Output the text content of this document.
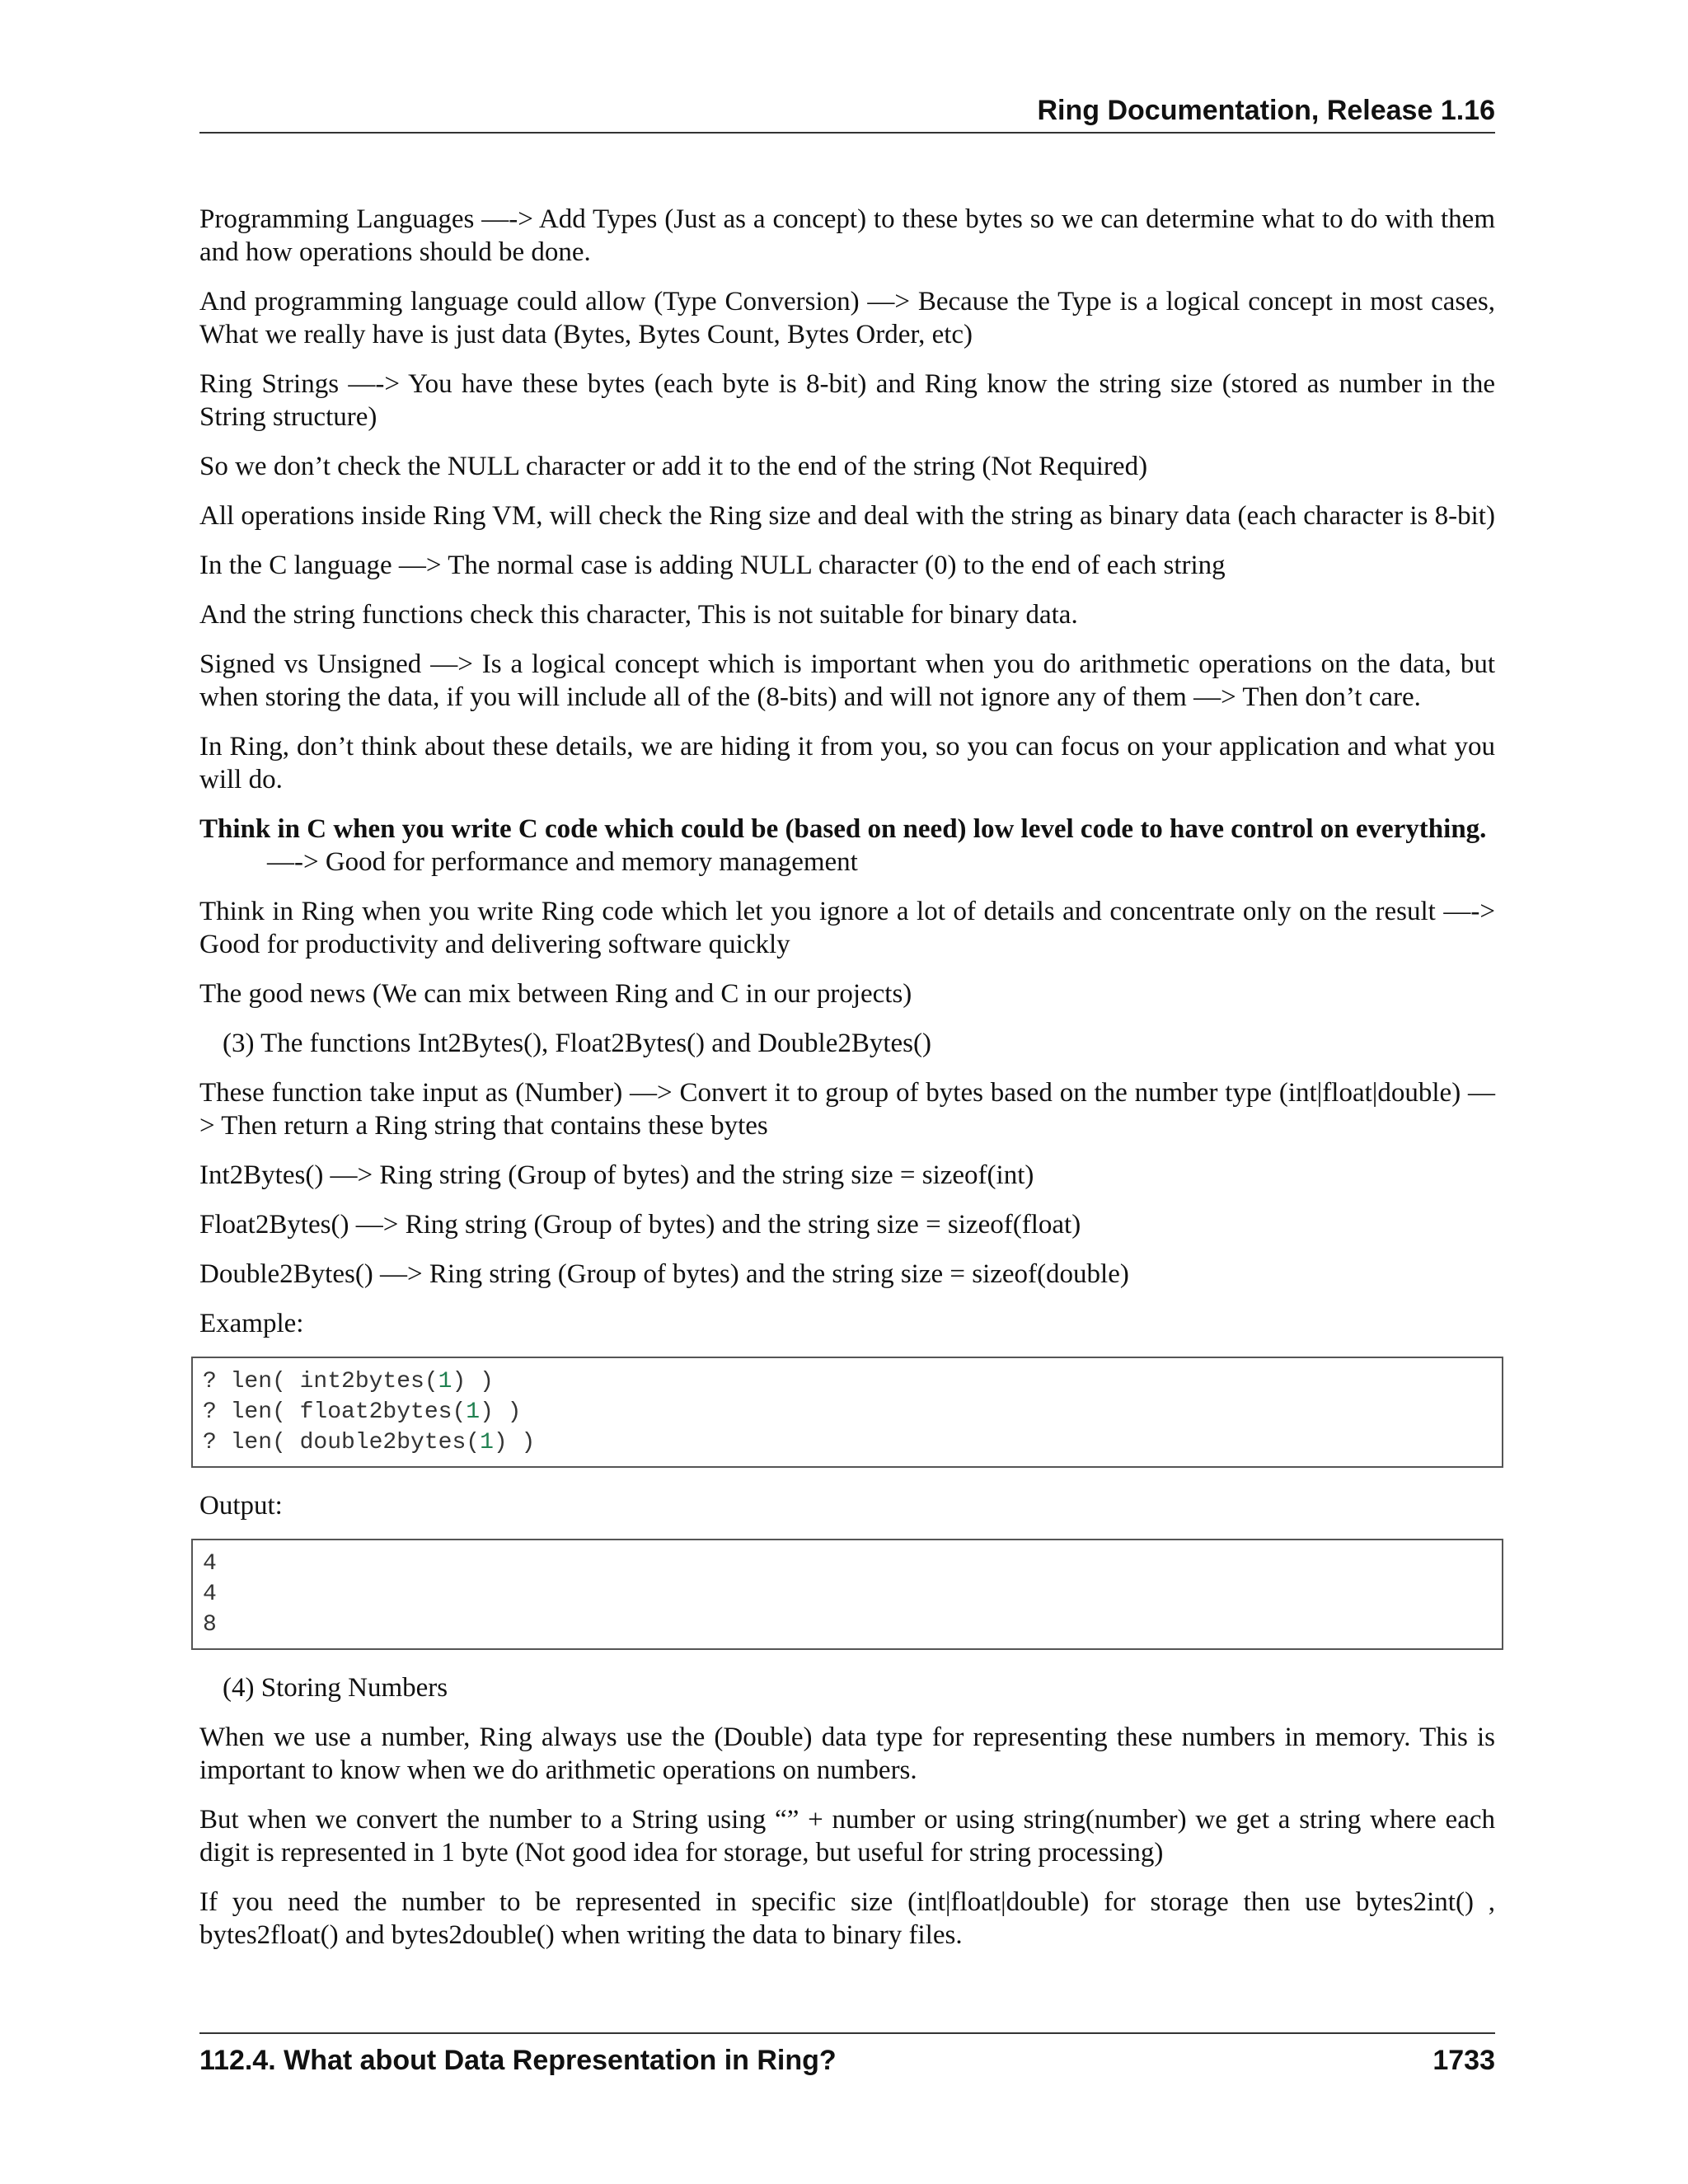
Ring Documentation, Release 1.16

Programming Languages —-> Add Types (Just as a concept) to these bytes so we can determine what to do with them and how operations should be done.

And programming language could allow (Type Conversion) —> Because the Type is a logical concept in most cases, What we really have is just data (Bytes, Bytes Count, Bytes Order, etc)

Ring Strings —-> You have these bytes (each byte is 8-bit) and Ring know the string size (stored as number in the String structure)

So we don’t check the NULL character or add it to the end of the string (Not Required)

All operations inside Ring VM, will check the Ring size and deal with the string as binary data (each character is 8-bit)

In the C language —> The normal case is adding NULL character (0) to the end of each string

And the string functions check this character, This is not suitable for binary data.

Signed vs Unsigned —> Is a logical concept which is important when you do arithmetic operations on the data, but when storing the data, if you will include all of the (8-bits) and will not ignore any of them —> Then don’t care.

In Ring, don’t think about these details, we are hiding it from you, so you can focus on your application and what you will do.

Think in C when you write C code which could be (based on need) low level code to have control on everything.
—-> Good for performance and memory management

Think in Ring when you write Ring code which let you ignore a lot of details and concentrate only on the result —-> Good for productivity and delivering software quickly

The good news (We can mix between Ring and C in our projects)

(3) The functions Int2Bytes(), Float2Bytes() and Double2Bytes()

These function take input as (Number) —> Convert it to group of bytes based on the number type (int|float|double) —> Then return a Ring string that contains these bytes

Int2Bytes() —> Ring string (Group of bytes) and the string size = sizeof(int)

Float2Bytes() —> Ring string (Group of bytes) and the string size = sizeof(float)

Double2Bytes() —> Ring string (Group of bytes) and the string size = sizeof(double)

Example:

? len( int2bytes(1) )
? len( float2bytes(1) )
? len( double2bytes(1) )

Output:

4
4
8
(4) Storing Numbers

When we use a number, Ring always use the (Double) data type for representing these numbers in memory. This is important to know when we do arithmetic operations on numbers.

But when we convert the number to a String using “” + number or using string(number) we get a string where each digit is represented in 1 byte (Not good idea for storage, but useful for string processing)

If you need the number to be represented in specific size (int|float|double) for storage then use bytes2int() , bytes2float() and bytes2double() when writing the data to binary files.

112.4. What about Data Representation in Ring?	1733
